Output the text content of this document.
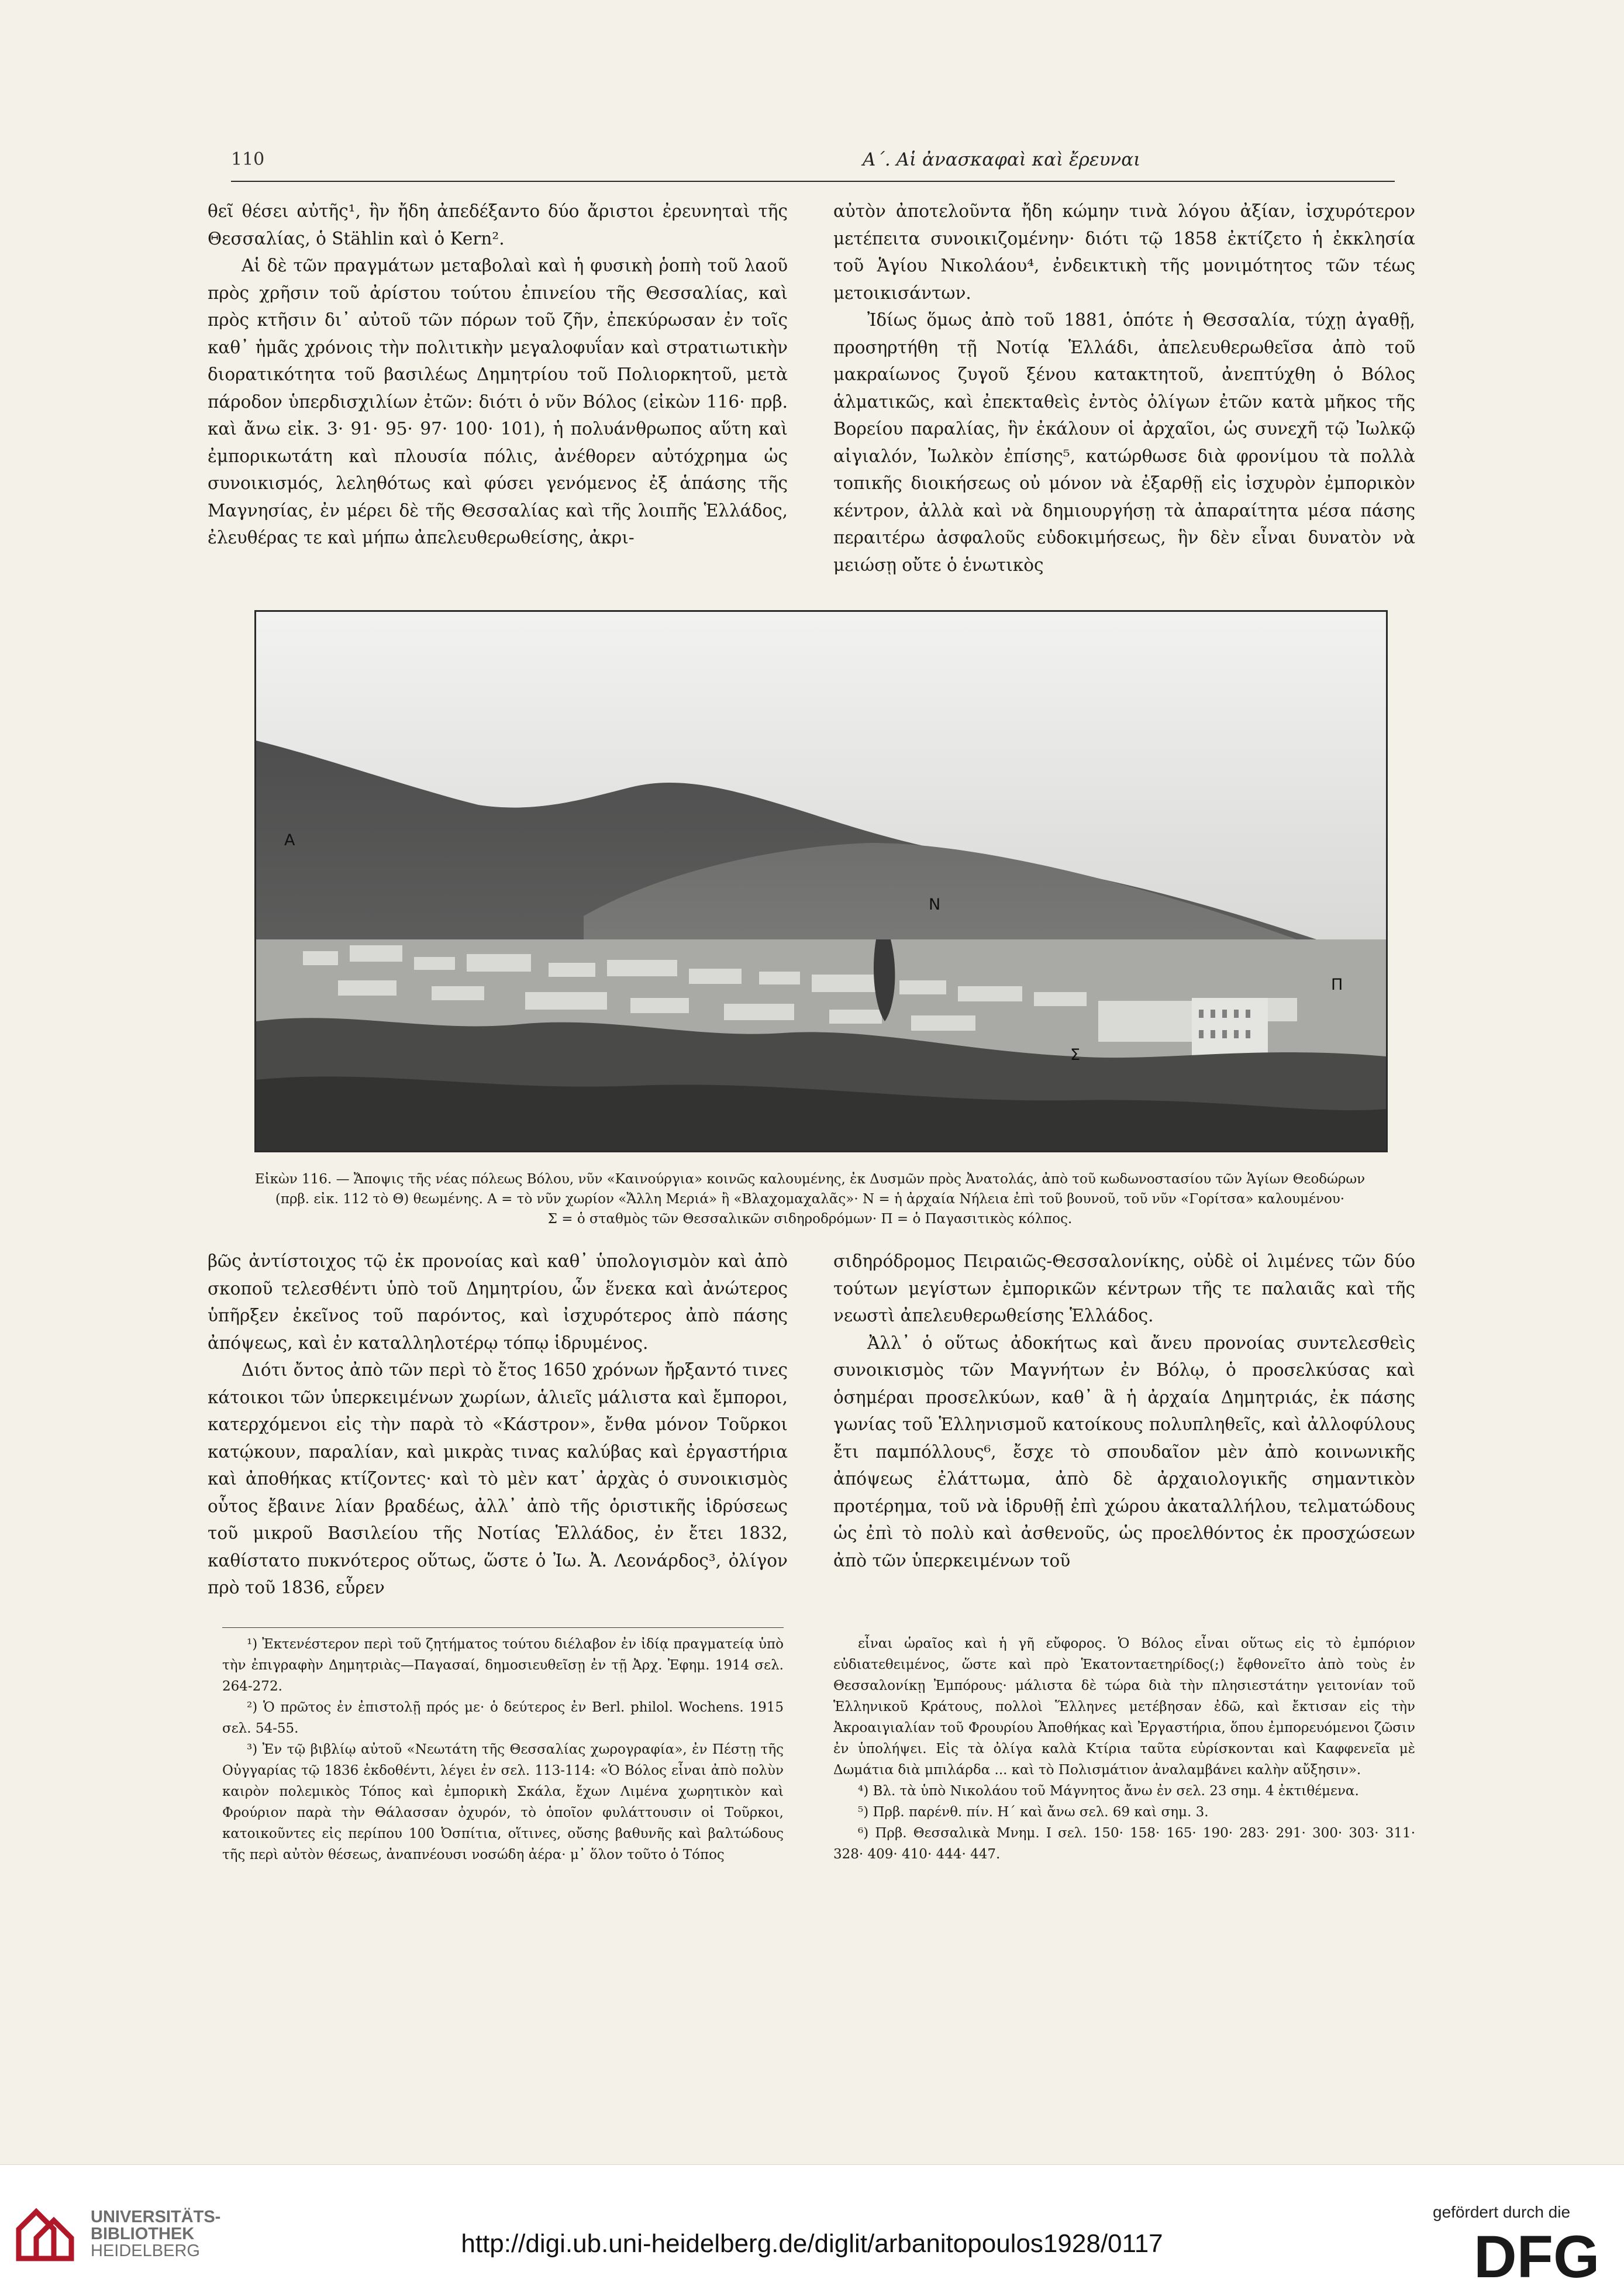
110	Α΄. Αἱ ἀνασκαφαὶ καὶ ἔρευναι

θεῖ θέσει αὐτῆς¹, ἣν ἤδη ἀπεδέξαντο δύο ἄριστοι ἐρευνηταὶ τῆς Θεσσαλίας, ὁ Stählin καὶ ὁ Kern².

Αἱ δὲ τῶν πραγμάτων μεταβολαὶ καὶ ἡ φυσικὴ ῥοπὴ τοῦ λαοῦ πρὸς χρῆσιν τοῦ ἀρίστου τούτου ἐπινείου τῆς Θεσσαλίας, καὶ πρὸς κτῆσιν δι᾽ αὐτοῦ τῶν πόρων τοῦ ζῆν, ἐπεκύρωσαν ἐν τοῖς καθ᾽ ἡμᾶς χρόνοις τὴν πολιτικὴν μεγαλοφυΐαν καὶ στρατιωτικὴν διορατικότητα τοῦ βασιλέως Δημητρίου τοῦ Πολιορκητοῦ, μετὰ πάροδον ὑπερδισχιλίων ἐτῶν: διότι ὁ νῦν Βόλος (εἰκὼν 116· πρβ. καὶ ἄνω εἰκ. 3· 91· 95· 97· 100· 101), ἡ πολυάνθρωπος αὕτη καὶ ἐμπορικωτάτη καὶ πλουσία πόλις, ἀνέθορεν αὐτόχρημα ὡς συνοικισμός, λεληθότως καὶ φύσει γενόμενος ἐξ ἁπάσης τῆς Μαγνησίας, ἐν μέρει δὲ τῆς Θεσσαλίας καὶ τῆς λοιπῆς Ἑλλάδος, ἐλευθέρας τε καὶ μήπω ἀπελευθερωθείσης, ἀκρι-

αὐτὸν ἀποτελοῦντα ἤδη κώμην τινὰ λόγου ἀξίαν, ἰσχυρότερον μετέπειτα συνοικιζομένην· διότι τῷ 1858 ἐκτίζετο ἡ ἐκκλησία τοῦ Ἁγίου Νικολάου⁴, ἐνδεικτικὴ τῆς μονιμότητος τῶν τέως μετοικισάντων.

Ἰδίως ὅμως ἀπὸ τοῦ 1881, ὁπότε ἡ Θεσσαλία, τύχῃ ἀγαθῇ, προσηρτήθη τῇ Νοτίᾳ Ἑλλάδι, ἀπελευθερωθεῖσα ἀπὸ τοῦ μακραίωνος ζυγοῦ ξένου κατακτητοῦ, ἀνεπτύχθη ὁ Βόλος ἁλματικῶς, καὶ ἐπεκταθεὶς ἐντὸς ὀλίγων ἐτῶν κατὰ μῆκος τῆς Βορείου παραλίας, ἣν ἐκάλουν οἱ ἀρχαῖοι, ὡς συνεχῆ τῷ Ἰωλκῷ αἰγιαλόν, Ἰωλκὸν ἐπίσης⁵, κατώρθωσε διὰ φρονίμου τὰ πολλὰ τοπικῆς διοικήσεως οὐ μόνον νὰ ἐξαρθῇ εἰς ἰσχυρὸν ἐμπορικὸν κέντρον, ἀλλὰ καὶ νὰ δημιουργήσῃ τὰ ἀπαραίτητα μέσα πάσης περαιτέρω ἀσφαλοῦς εὐδοκιμήσεως, ἣν δὲν εἶναι δυνατὸν νὰ μειώσῃ οὔτε ὁ ἑνωτικὸς

Α
Ν
Π
Σ
Εἰκὼν 116. — Ἄποψις τῆς νέας πόλεως Βόλου, νῦν «Καινούργια» κοινῶς καλουμένης, ἐκ Δυσμῶν πρὸς Ἀνατολάς, ἀπὸ τοῦ κωδωνοστασίου τῶν Ἁγίων Θεοδώρων
(πρβ. εἰκ. 112 τὸ Θ) θεωμένης. Α = τὸ νῦν χωρίον «Ἄλλη Μεριά» ἢ «Βλαχομαχαλᾶς»· Ν = ἡ ἀρχαία Νήλεια ἐπὶ τοῦ βουνοῦ, τοῦ νῦν «Γορίτσα» καλουμένου·
Σ = ὁ σταθμὸς τῶν Θεσσαλικῶν σιδηροδρόμων· Π = ὁ Παγασιτικὸς κόλπος.

βῶς ἀντίστοιχος τῷ ἐκ προνοίας καὶ καθ᾽ ὑπολογισμὸν καὶ ἀπὸ σκοποῦ τελεσθέντι ὑπὸ τοῦ Δημητρίου, ὧν ἕνεκα καὶ ἀνώτερος ὑπῆρξεν ἐκεῖνος τοῦ παρόντος, καὶ ἰσχυρότερος ἀπὸ πάσης ἀπόψεως, καὶ ἐν καταλληλοτέρῳ τόπῳ ἱδρυμένος.

Διότι ὄντος ἀπὸ τῶν περὶ τὸ ἔτος 1650 χρόνων ἤρξαντό τινες κάτοικοι τῶν ὑπερκειμένων χωρίων, ἁλιεῖς μάλιστα καὶ ἔμποροι, κατερχόμενοι εἰς τὴν παρὰ τὸ «Κάστρον», ἔνθα μόνον Τοῦρκοι κατῴκουν, παραλίαν, καὶ μικρὰς τινας καλύβας καὶ ἐργαστήρια καὶ ἀποθήκας κτίζοντες· καὶ τὸ μὲν κατ᾽ ἀρχὰς ὁ συνοικισμὸς οὗτος ἔβαινε λίαν βραδέως, ἀλλ᾽ ἀπὸ τῆς ὁριστικῆς ἱδρύσεως τοῦ μικροῦ Βασιλείου τῆς Νοτίας Ἑλλάδος, ἐν ἔτει 1832, καθίστατο πυκνότερος οὕτως, ὥστε ὁ Ἰω. Ἀ. Λεονάρδος³, ὀλίγον πρὸ τοῦ 1836, εὗρεν

σιδηρόδρομος Πειραιῶς-Θεσσαλονίκης, οὐδὲ οἱ λιμένες τῶν δύο τούτων μεγίστων ἐμπορικῶν κέντρων τῆς τε παλαιᾶς καὶ τῆς νεωστὶ ἀπελευθερωθείσης Ἑλλάδος.

Ἀλλ᾽ ὁ οὕτως ἀδοκήτως καὶ ἄνευ προνοίας συντελεσθεὶς συνοικισμὸς τῶν Μαγνήτων ἐν Βόλῳ, ὁ προσελκύσας καὶ ὁσημέραι προσελκύων, καθ᾽ ἃ ἡ ἀρχαία Δημητριάς, ἐκ πάσης γωνίας τοῦ Ἑλληνισμοῦ κατοίκους πολυπληθεῖς, καὶ ἀλλοφύλους ἔτι παμπόλλους⁶, ἔσχε τὸ σπουδαῖον μὲν ἀπὸ κοινωνικῆς ἀπόψεως ἐλάττωμα, ἀπὸ δὲ ἀρχαιολογικῆς σημαντικὸν προτέρημα, τοῦ νὰ ἱδρυθῇ ἐπὶ χώρου ἀκαταλλήλου, τελματώδους ὡς ἐπὶ τὸ πολὺ καὶ ἀσθενοῦς, ὡς προελθόντος ἐκ προσχώσεων ἀπὸ τῶν ὑπερκειμένων τοῦ

¹) Ἐκτενέστερον περὶ τοῦ ζητήματος τούτου διέλαβον ἐν ἰδίᾳ πραγματείᾳ ὑπὸ τὴν ἐπιγραφὴν Δημητριὰς—Παγασαί, δημοσιευθεῖσῃ ἐν τῇ Ἀρχ. Ἐφημ. 1914 σελ. 264-272.

²) Ὁ πρῶτος ἐν ἐπιστολῇ πρός με· ὁ δεύτερος ἐν Berl. philol. Wochens. 1915 σελ. 54-55.

³) Ἐν τῷ βιβλίῳ αὐτοῦ «Νεωτάτη τῆς Θεσσαλίας χωρογραφία», ἐν Πέστῃ τῆς Οὐγγαρίας τῷ 1836 ἐκδοθέντι, λέγει ἐν σελ. 113-114: «Ὁ Βόλος εἶναι ἀπὸ πολὺν καιρὸν πολεμικὸς Τόπος καὶ ἐμπορικὴ Σκάλα, ἔχων Λιμένα χωρητικὸν καὶ Φρούριον παρὰ τὴν Θάλασσαν ὀχυρόν, τὸ ὁποῖον φυλάττουσιν οἱ Τοῦρκοι, κατοικοῦντες εἰς περίπου 100 Ὀσπίτια, οἵτινες, οὔσης βαθυνῆς καὶ βαλτώδους τῆς περὶ αὐτὸν θέσεως, ἀναπνέουσι νοσώδη ἀέρα· μ᾽ ὅλον τοῦτο ὁ Τόπος

εἶναι ὡραῖος καὶ ἡ γῆ εὔφορος. Ὁ Βόλος εἶναι οὕτως εἰς τὸ ἐμπόριον εὐδιατεθειμένος, ὥστε καὶ πρὸ Ἑκατονταετηρίδος(;) ἔφθονεῖτο ἀπὸ τοὺς ἐν Θεσσαλονίκῃ Ἐμπόρους· μάλιστα δὲ τώρα διὰ τὴν πλησιεστάτην γειτονίαν τοῦ Ἑλληνικοῦ Κράτους, πολλοὶ Ἕλληνες μετέβησαν ἐδῶ, καὶ ἔκτισαν εἰς τὴν Ἀκροαιγιαλίαν τοῦ Φρουρίου Ἀποθήκας καὶ Ἐργαστήρια, ὅπου ἐμπορευόμενοι ζῶσιν ἐν ὑπολήψει. Εἰς τὰ ὀλίγα καλὰ Κτίρια ταῦτα εὑρίσκονται καὶ Καφφενεῖα μὲ Δωμάτια διὰ μπιλάρδα ... καὶ τὸ Πολισμάτιον ἀναλαμβάνει καλὴν αὔξησιν».

⁴) Βλ. τὰ ὑπὸ Νικολάου τοῦ Μάγνητος ἄνω ἐν σελ. 23 σημ. 4 ἐκτιθέμενα.

⁵) Πρβ. παρένθ. πίν. Η΄ καὶ ἄνω σελ. 69 καὶ σημ. 3.

⁶) Πρβ. Θεσσαλικὰ Μνημ. Ι σελ. 150· 158· 165· 190· 283· 291· 300· 303· 311· 328· 409· 410· 444· 447.

UNIVERSITÄTS-
BIBLIOTHEK
HEIDELBERG	http://digi.ub.uni-heidelberg.de/diglit/arbanitopoulos1928/0117
gefördert durch die
DFG
